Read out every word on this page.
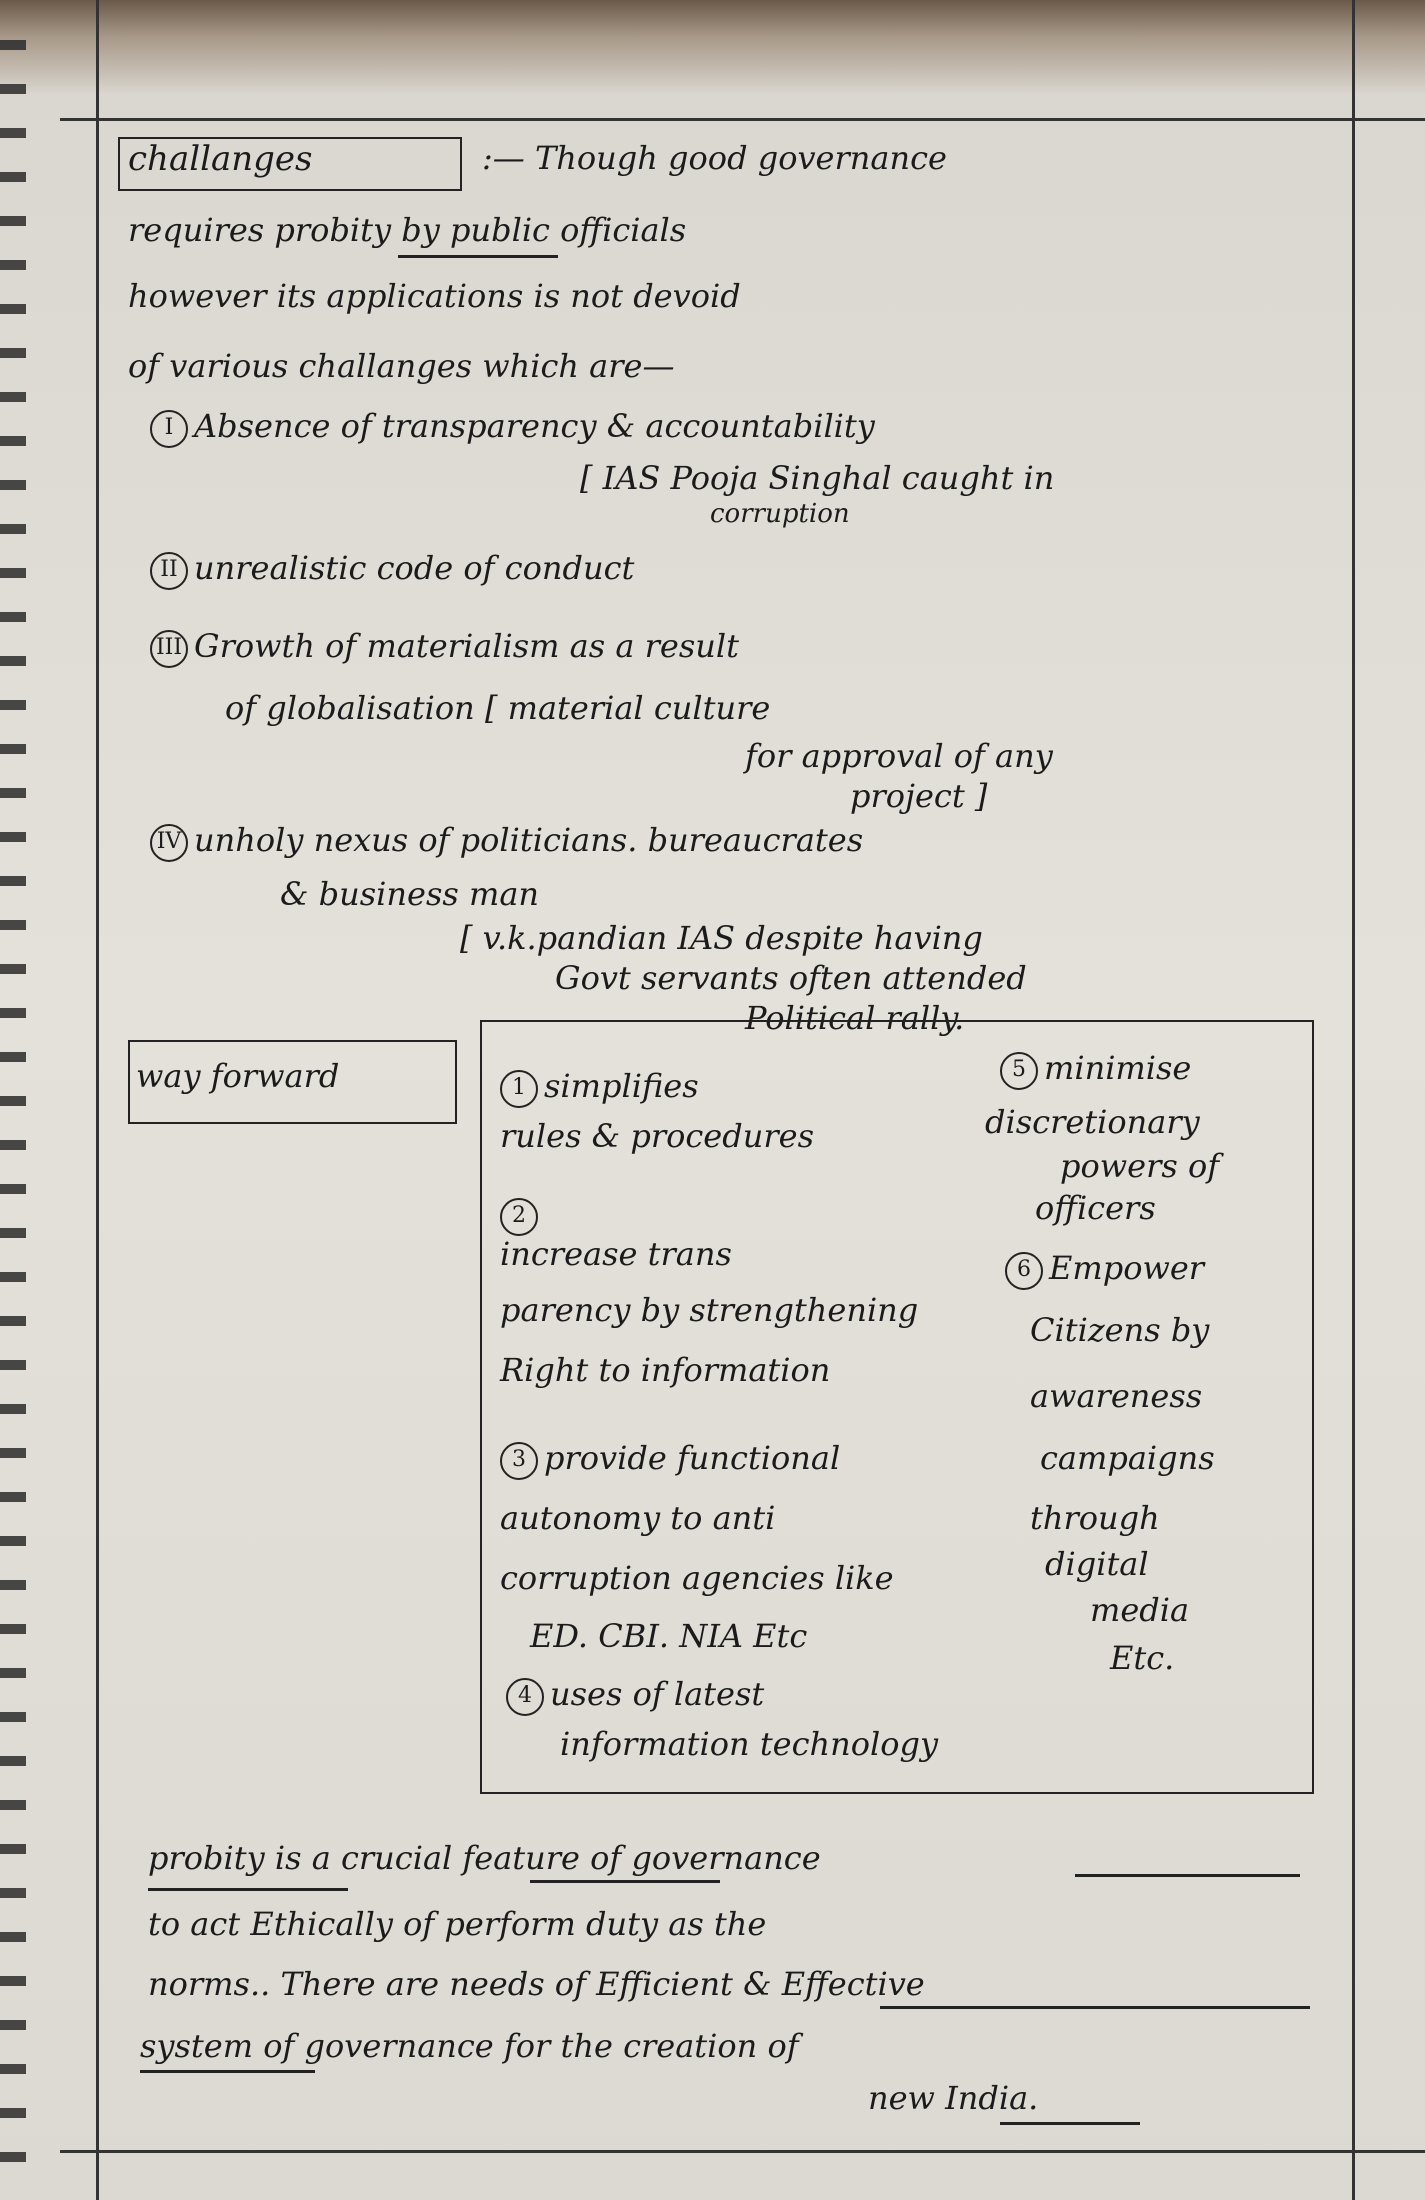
challanges	:— Though good governance
requires probity by public officials
however its applications is not devoid
of various challanges which are—
I Absence of transparency & accountability
[ IAS Pooja Singhal caught in
corruption
II unrealistic code of conduct
III Growth of materialism as a result
of globalisation [ material culture
for approval of any
project ]
IV unholy nexus of politicians. bureaucrates
& business man
[ v.k.pandian IAS despite having
Govt servants often attended
Political rally.
way forward	1 simplifies
rules & procedures
2
increase trans
parency by strengthening
Right to information
3 provide functional
autonomy to anti
corruption agencies like
ED. CBI. NIA Etc
4 uses of latest
information technology
5 minimise
discretionary
powers of
officers
6 Empower
Citizens by
awareness
campaigns
through
digital
media
Etc.
probity is a crucial feature of governance
to act Ethically of perform duty as the
norms.. There are needs of Efficient & Effective
system of governance for the creation of
new India.
